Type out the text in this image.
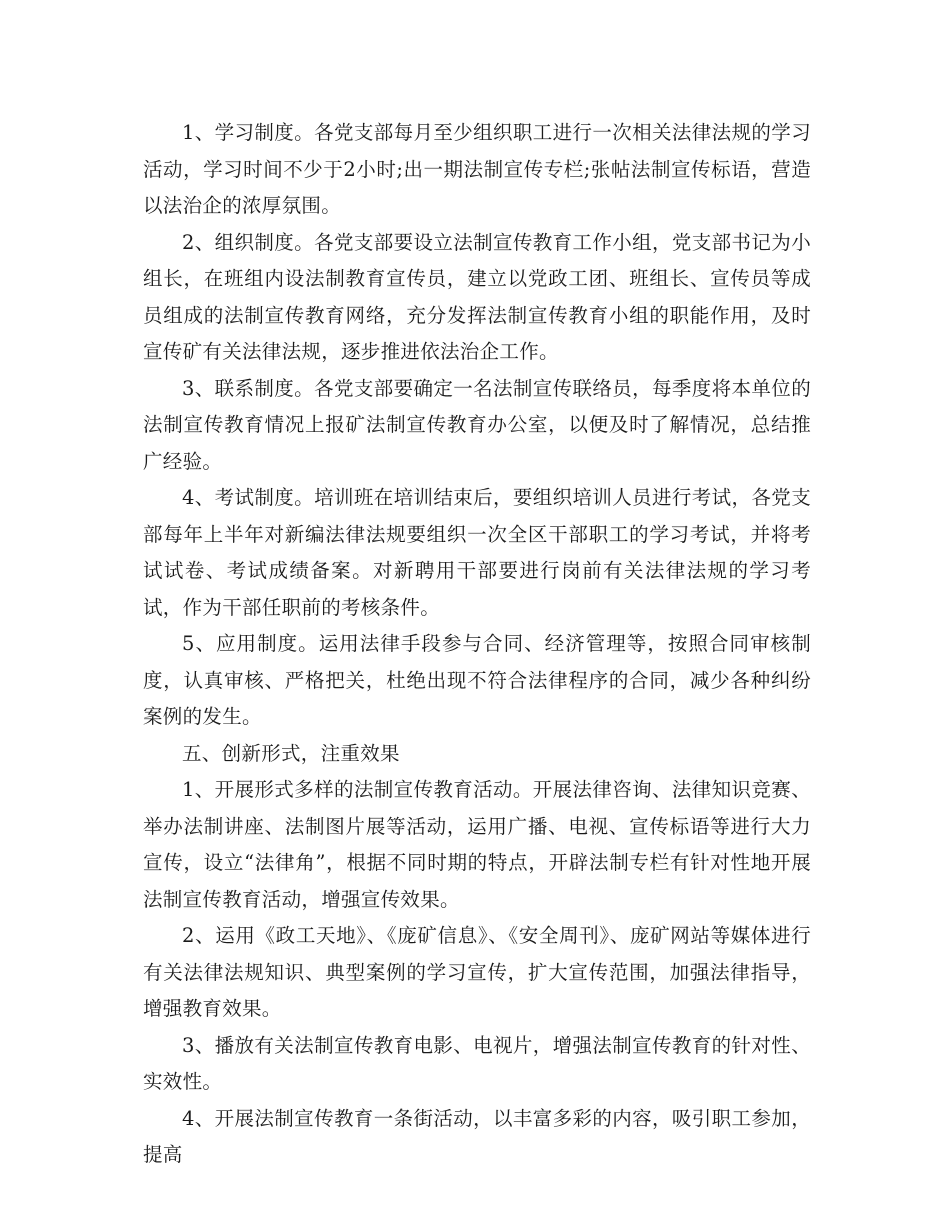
1、学习制度。各党支部每月至少组织职工进行一次相关法律法规的学习活动，学习时间不少于2小时;出一期法制宣传专栏;张帖法制宣传标语，营造以法治企的浓厚氛围。

2、组织制度。各党支部要设立法制宣传教育工作小组，党支部书记为小组长，在班组内设法制教育宣传员，建立以党政工团、班组长、宣传员等成员组成的法制宣传教育网络，充分发挥法制宣传教育小组的职能作用，及时宣传矿有关法律法规，逐步推进依法治企工作。

3、联系制度。各党支部要确定一名法制宣传联络员，每季度将本单位的法制宣传教育情况上报矿法制宣传教育办公室，以便及时了解情况，总结推广经验。

4、考试制度。培训班在培训结束后，要组织培训人员进行考试，各党支部每年上半年对新编法律法规要组织一次全区干部职工的学习考试，并将考试试卷、考试成绩备案。对新聘用干部要进行岗前有关法律法规的学习考试，作为干部任职前的考核条件。

5、应用制度。运用法律手段参与合同、经济管理等，按照合同审核制度，认真审核、严格把关，杜绝出现不符合法律程序的合同，减少各种纠纷案例的发生。

五、创新形式，注重效果

1、开展形式多样的法制宣传教育活动。开展法律咨询、法律知识竞赛、举办法制讲座、法制图片展等活动，运用广播、电视、宣传标语等进行大力宣传，设立“法律角”，根据不同时期的特点，开辟法制专栏有针对性地开展法制宣传教育活动，增强宣传效果。

2、运用《政工天地》、《庞矿信息》、《安全周刊》、庞矿网站等媒体进行有关法律法规知识、典型案例的学习宣传，扩大宣传范围，加强法律指导，增强教育效果。

3、播放有关法制宣传教育电影、电视片，增强法制宣传教育的针对性、实效性。

4、开展法制宣传教育一条街活动，以丰富多彩的内容，吸引职工参加，提高
